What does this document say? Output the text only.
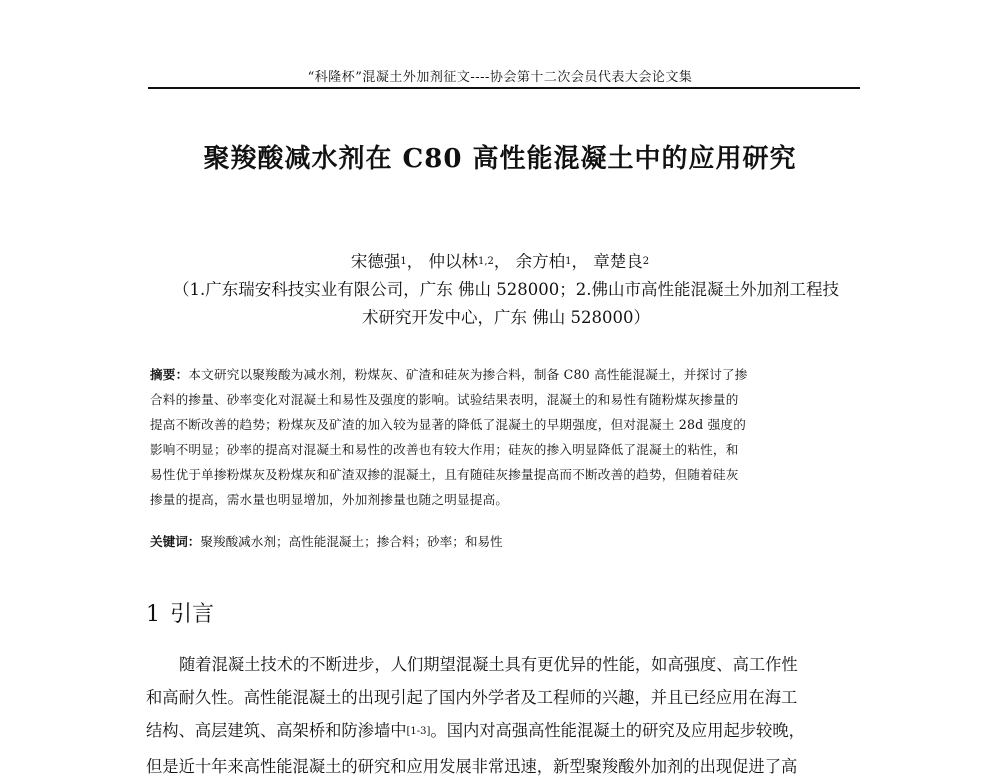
“科隆杯”混凝土外加剂征文----协会第十二次会员代表大会论文集
聚羧酸减水剂在 C80 高性能混凝土中的应用研究
宋德强$^1$， 仲以林$^{1,2}$， 余方柏$^1$， 章楚良$^2$
（1.广东瑞安科技实业有限公司，广东 佛山 528000；2.佛山市高性能混凝土外加剂工程技
术研究开发中心，广东 佛山 528000）

摘要：本文研究以聚羧酸为减水剂，粉煤灰、矿渣和硅灰为掺合料，制备 C80 高性能混凝土，并探讨了掺

合料的掺量、砂率变化对混凝土和易性及强度的影响。试验结果表明，混凝土的和易性有随粉煤灰掺量的

提高不断改善的趋势；粉煤灰及矿渣的加入较为显著的降低了混凝土的早期强度，但对混凝土 28d 强度的

影响不明显；砂率的提高对混凝土和易性的改善也有较大作用；硅灰的掺入明显降低了混凝土的粘性，和

易性优于单掺粉煤灰及粉煤灰和矿渣双掺的混凝土，且有随硅灰掺量提高而不断改善的趋势，但随着硅灰

掺量的提高，需水量也明显增加，外加剂掺量也随之明显提高。

关键词：聚羧酸减水剂；高性能混凝土；掺合料；砂率；和易性
1 引言

随着混凝土技术的不断进步，人们期望混凝土具有更优异的性能，如高强度、高工作性

和高耐久性。高性能混凝土的出现引起了国内外学者及工程师的兴趣，并且已经应用在海工

结构、高层建筑、高架桥和防渗墙中[1-3]。国内对高强高性能混凝土的研究及应用起步较晚，

但是近十年来高性能混凝土的研究和应用发展非常迅速，新型聚羧酸外加剂的出现促进了高
